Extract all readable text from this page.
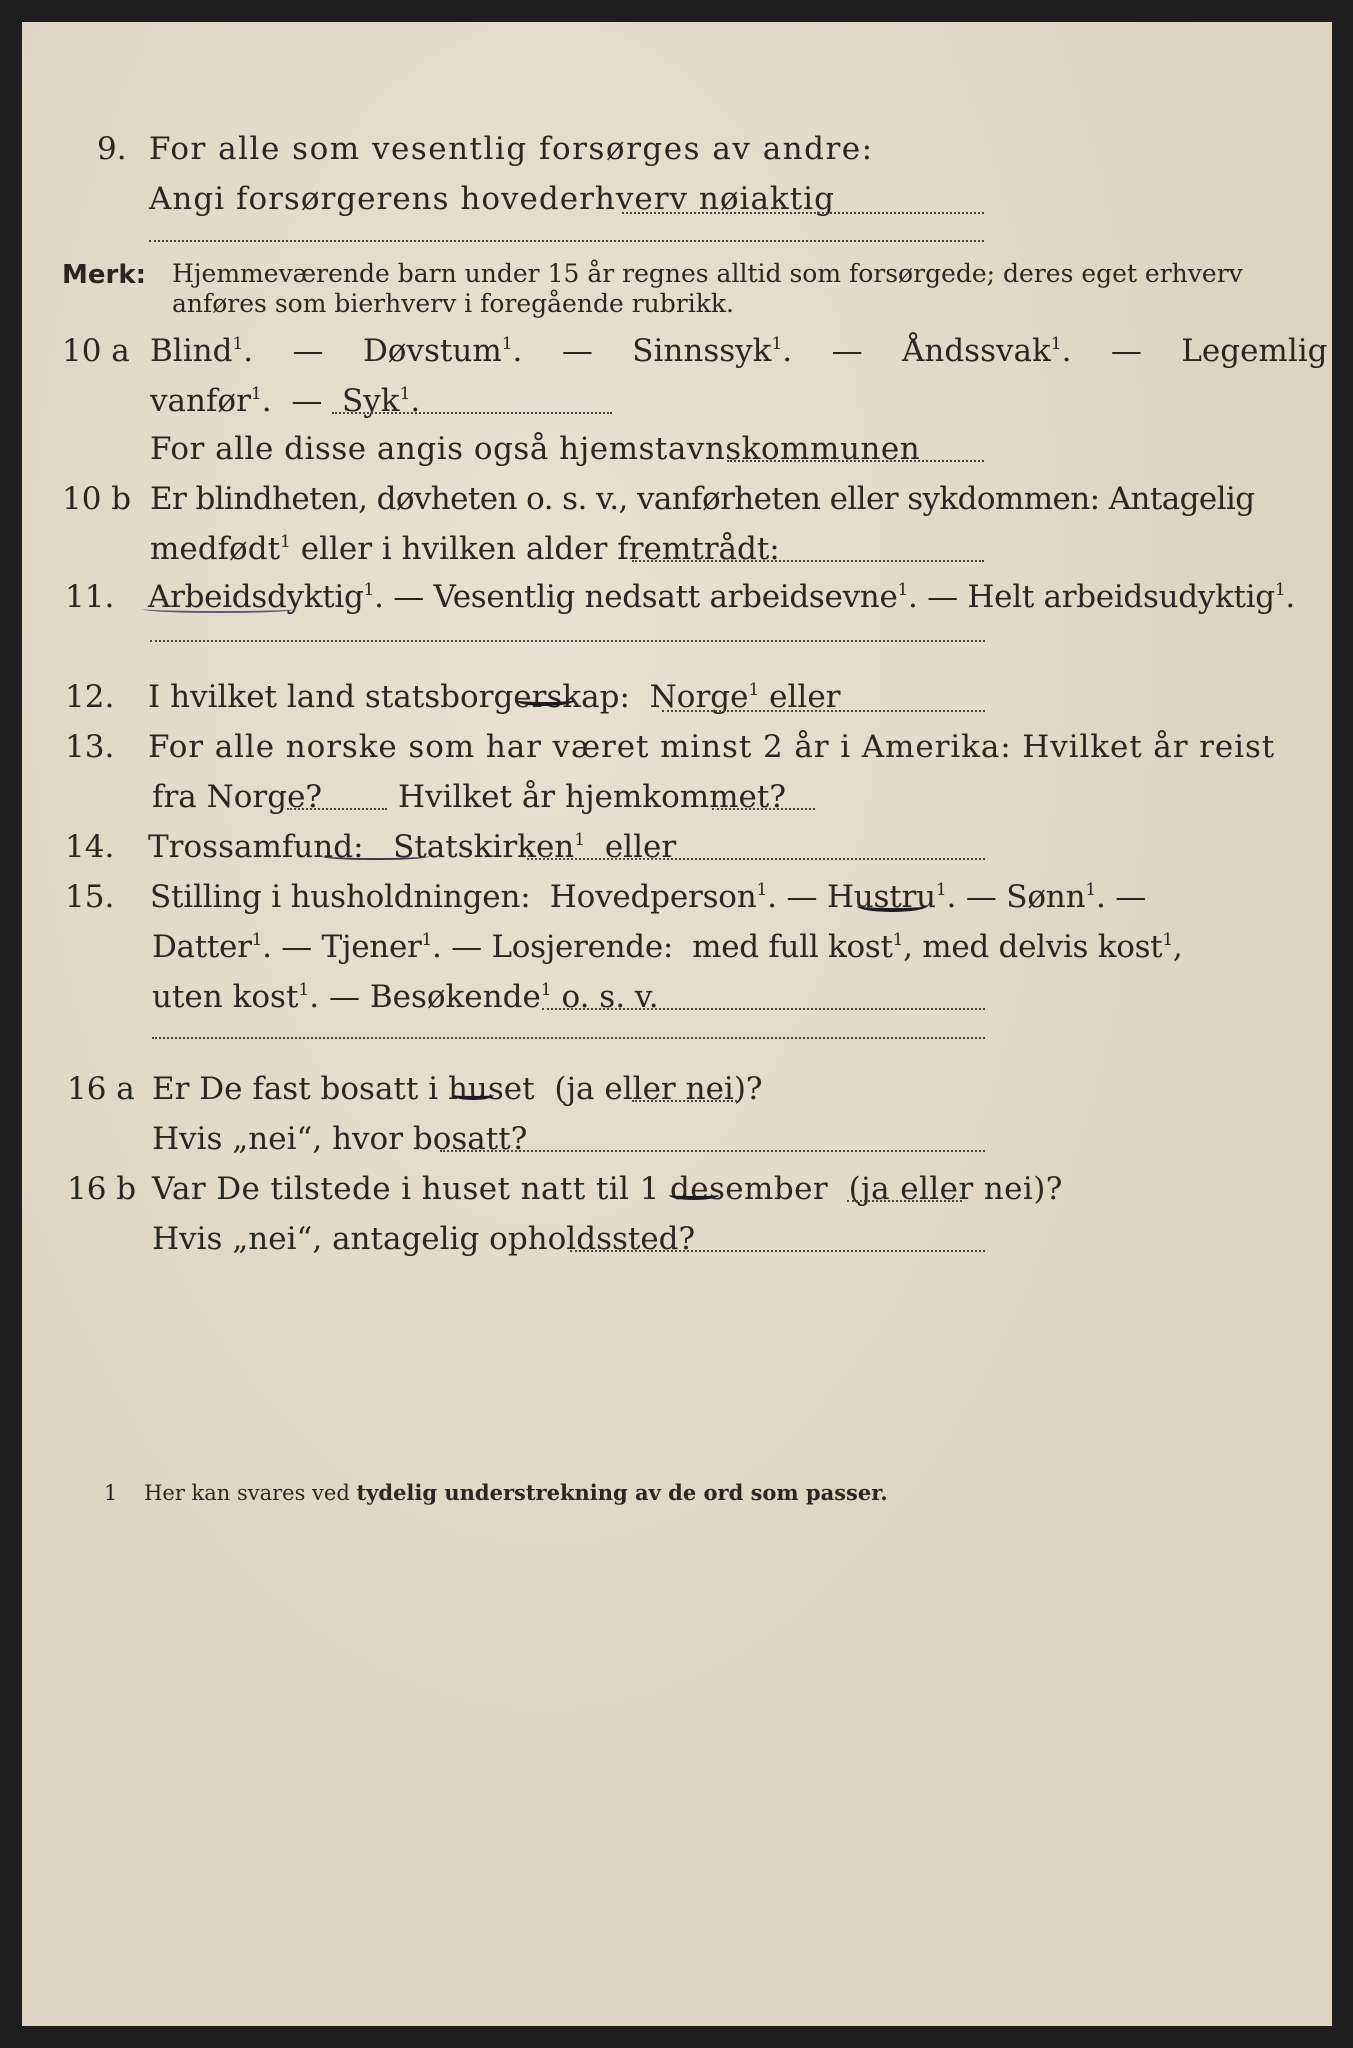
9. For alle som vesentlig forsørges av andre:
Angi forsørgerens hovederhverv nøiaktig
Merk: Hjemmeværende barn under 15 år regnes alltid som forsørgede; deres eget erhverv
anføres som bierhverv i foregående rubrikk.
10 a Blind$^1$. — Døvstum$^1$. — Sinnssyk$^1$. — Åndssvak$^1$. — Legemlig
vanfør$^1$. — Syk$^1$.
For alle disse angis også hjemstavnskommunen
10 b Er blindheten, døvheten o. s. v., vanførheten eller sykdommen: Antagelig
medfødt$^1$ eller i hvilken alder fremtrådt:
11. Arbeidsdyktig$^1$. — Vesentlig nedsatt arbeidsevne$^1$. — Helt arbeidsudyktig$^1$.
12. I hvilket land statsborgerskap: Norge$^1$ eller
13. For alle norske som har været minst 2 år i Amerika: Hvilket år reist
fra Norge? Hvilket år hjemkommet?
14. Trossamfund: Statskirken$^1$ eller
15. Stilling i husholdningen: Hovedperson$^1$. — Hustru$^1$. — Sønn$^1$. —
Datter$^1$. — Tjener$^1$. — Losjerende: med full kost$^1$, med delvis kost$^1$,
uten kost$^1$. — Besøkende$^1$ o. s. v.
16 a Er De fast bosatt i huset (ja eller nei)?
Hvis „nei“, hvor bosatt?
16 b Var De tilstede i huset natt til 1 desember (ja eller nei)?
Hvis „nei“, antagelig opholdssted?
1 Her kan svares ved tydelig understrekning av de ord som passer.
